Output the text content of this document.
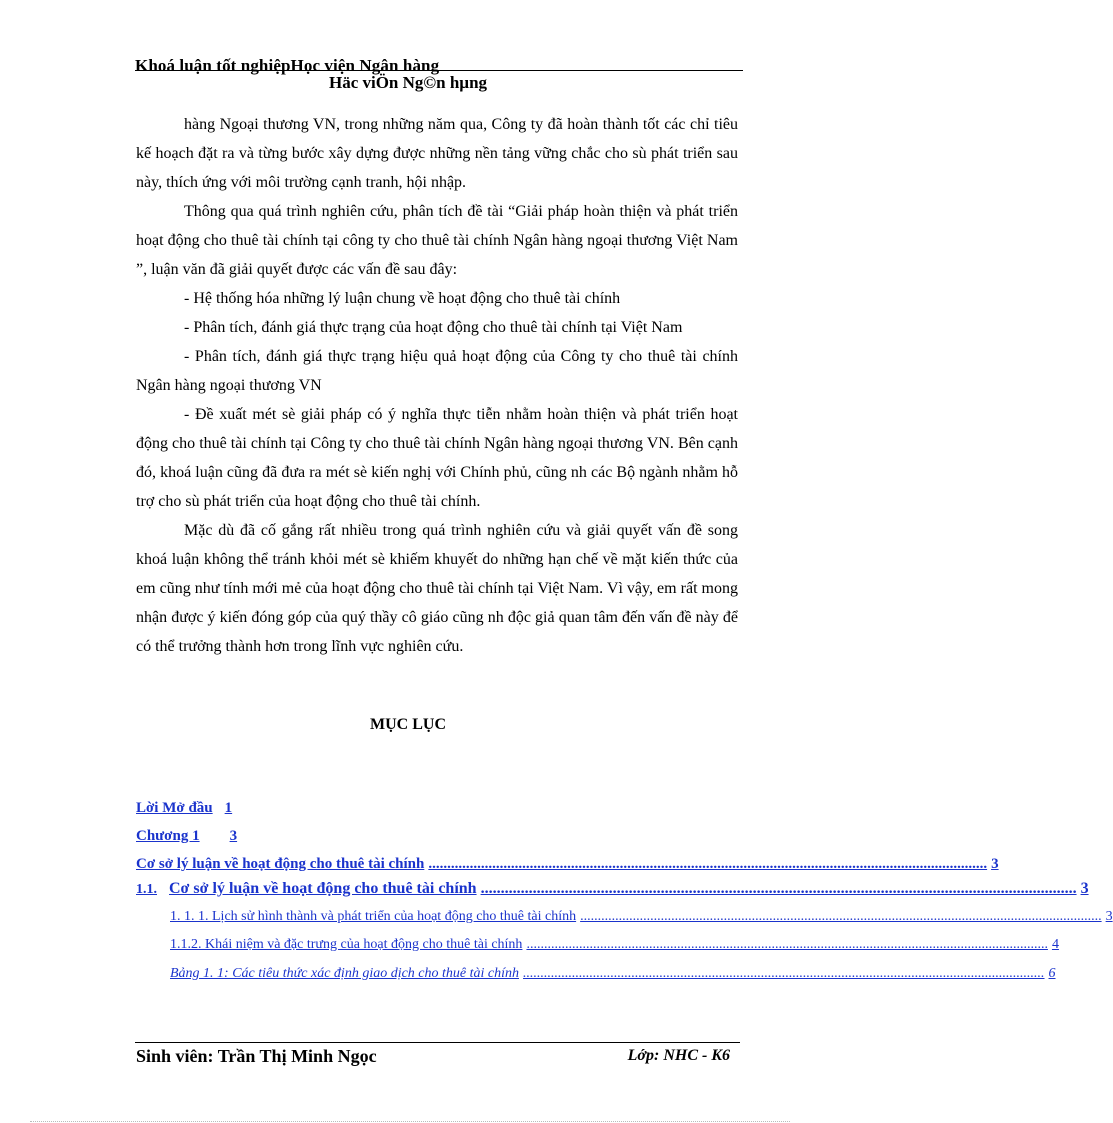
Khoá luận tốt nghiệpHọc viện Ngân hàng
Häc viÖn Ng©n hµng

hàng Ngoại thương VN, trong những năm qua, Công ty đã hoàn thành tốt các chỉ tiêu kế hoạch đặt ra và từng bước xây dựng được những nền tảng vững chắc cho sù phát triển sau này, thích ứng với môi trường cạnh tranh, hội nhập.

Thông qua quá trình nghiên cứu, phân tích đề tài “Giải pháp hoàn thiện và phát triển hoạt động cho thuê tài chính tại công ty cho thuê tài chính Ngân hàng ngoại thương Việt Nam ”, luận văn đã giải quyết được các vấn đề sau đây:

- Hệ thống hóa những lý luận chung về hoạt động cho thuê tài chính

- Phân tích, đánh giá thực trạng của hoạt động cho thuê tài chính tại Việt Nam

- Phân tích, đánh giá thực trạng hiệu quả hoạt động của Công ty cho thuê tài chính Ngân hàng ngoại thương VN

- Đề xuất mét sè giải pháp có ý nghĩa thực tiễn nhằm hoàn thiện và phát triển hoạt động cho thuê tài chính tại Công ty cho thuê tài chính Ngân hàng ngoại thương VN. Bên cạnh đó, khoá luận cũng đã đưa ra mét sè kiến nghị với Chính phủ, cũng nh các Bộ ngành nhằm hỗ trợ cho sù phát triển của hoạt động cho thuê tài chính.

Mặc dù đã cố gắng rất nhiều trong quá trình nghiên cứu và giải quyết vấn đề song khoá luận không thể tránh khỏi mét sè khiếm khuyết do những hạn chế về mặt kiến thức của em cũng như tính mới mẻ của hoạt động cho thuê tài chính tại Việt Nam. Vì vậy, em rất mong nhận được ý kiến đóng góp của quý thầy cô giáo cũng nh độc giả quan tâm đến vấn đề này để có thể trưởng thành hơn trong lĩnh vực nghiên cứu.

MỤC LỤC
Lời Mở đầu 1
Chương 1 3
Cơ sở lý luận về hoạt động cho thuê tài chính ..................................................................................................................................................... 3
1.1. Cơ sở lý luận về hoạt động cho thuê tài chính ..................................................................................................................................................... 3
1. 1. 1. Lịch sử hình thành và phát triển của hoạt động cho thuê tài chính ..................................................................................................................................................... 3
1.1.2. Khái niệm và đặc trưng của hoạt động cho thuê tài chính ..................................................................................................................................................... 4
Bảng 1. 1: Các tiêu thức xác định giao dịch cho thuê tài chính ..................................................................................................................................................... 6
Sinh viên: Trần Thị Minh Ngọc	Lớp: NHC - K6
